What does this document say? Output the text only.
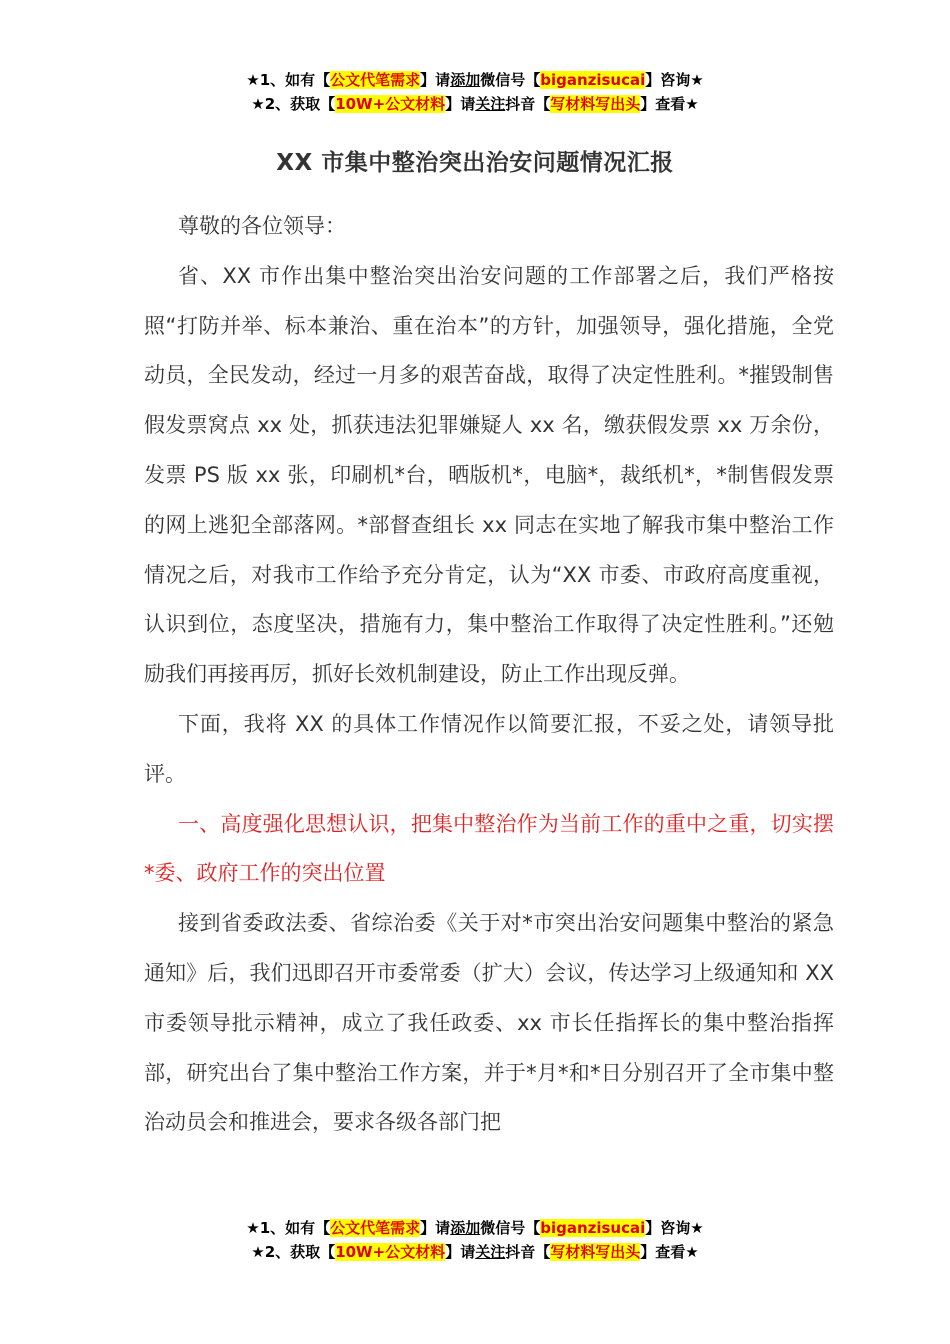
★1、如有【公文代笔需求】请添加微信号【biganzisucai】咨询★
★2、获取【10W+公文材料】请关注抖音【写材料写出头】查看★
XX 市集中整治突出治安问题情况汇报

尊敬的各位领导：

省、XX 市作出集中整治突出治安问题的工作部署之后，我们严格按照“打防并举、标本兼治、重在治本”的方针，加强领导，强化措施，全党动员，全民发动，经过一月多的艰苦奋战，取得了决定性胜利。*摧毁制售假发票窝点 xx 处，抓获违法犯罪嫌疑人 xx 名，缴获假发票 xx 万余份，发票 PS 版 xx 张，印刷机*台，晒版机*，电脑*，裁纸机*，*制售假发票的网上逃犯全部落网。*部督查组长 xx 同志在实地了解我市集中整治工作情况之后，对我市工作给予充分肯定，认为“XX 市委、市政府高度重视，认识到位，态度坚决，措施有力，集中整治工作取得了决定性胜利。”还勉励我们再接再厉，抓好长效机制建设，防止工作出现反弹。

下面，我将 XX 的具体工作情况作以简要汇报，不妥之处，请领导批评。

一、高度强化思想认识，把集中整治作为当前工作的重中之重，切实摆*委、政府工作的突出位置

接到省委政法委、省综治委《关于对*市突出治安问题集中整治的紧急通知》后，我们迅即召开市委常委（扩大）会议，传达学习上级通知和 XX 市委领导批示精神，成立了我任政委、xx 市长任指挥长的集中整治指挥部，研究出台了集中整治工作方案，并于*月*和*日分别召开了全市集中整治动员会和推进会，要求各级各部门把

★1、如有【公文代笔需求】请添加微信号【biganzisucai】咨询★
★2、获取【10W+公文材料】请关注抖音【写材料写出头】查看★
